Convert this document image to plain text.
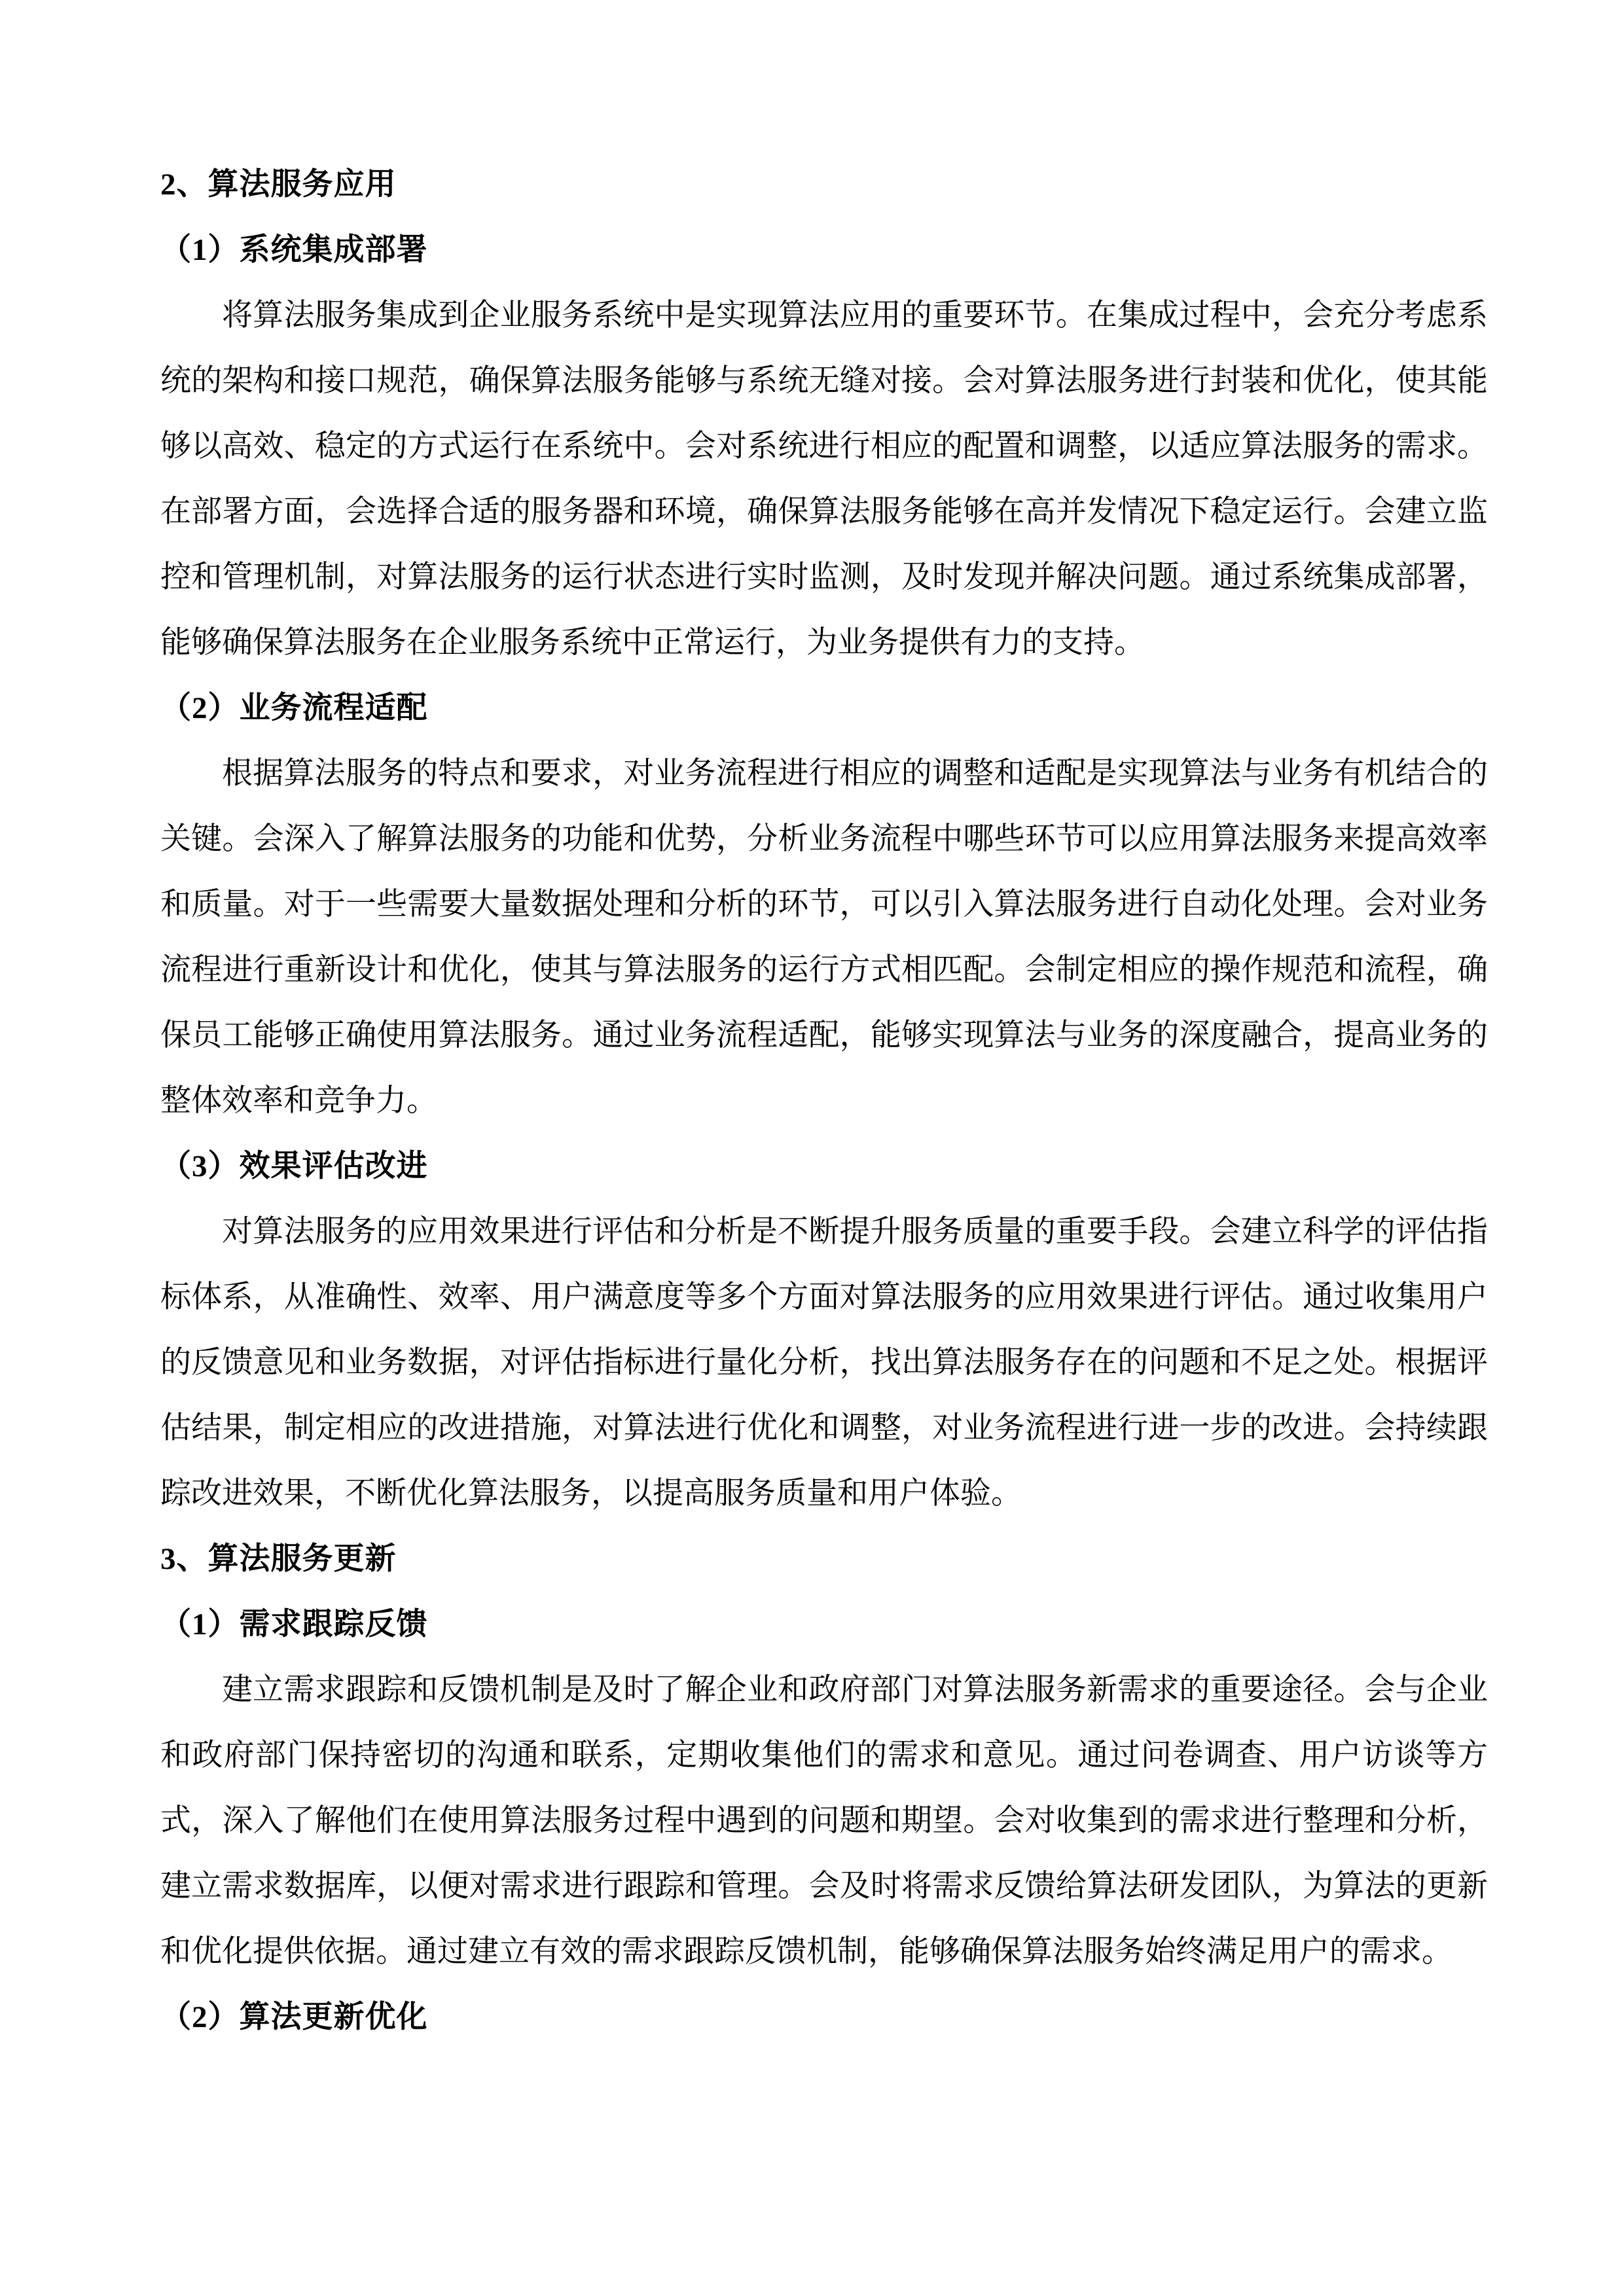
2、算法服务应用
（1）系统集成部署
将算法服务集成到企业服务系统中是实现算法应用的重要环节。在集成过程中，会充分考虑系统的架构和接口规范，确保算法服务能够与系统无缝对接。会对算法服务进行封装和优化，使其能够以高效、稳定的方式运行在系统中。会对系统进行相应的配置和调整，以适应算法服务的需求。在部署方面，会选择合适的服务器和环境，确保算法服务能够在高并发情况下稳定运行。会建立监控和管理机制，对算法服务的运行状态进行实时监测，及时发现并解决问题。通过系统集成部署，能够确保算法服务在企业服务系统中正常运行，为业务提供有力的支持。
（2）业务流程适配
根据算法服务的特点和要求，对业务流程进行相应的调整和适配是实现算法与业务有机结合的关键。会深入了解算法服务的功能和优势，分析业务流程中哪些环节可以应用算法服务来提高效率和质量。对于一些需要大量数据处理和分析的环节，可以引入算法服务进行自动化处理。会对业务流程进行重新设计和优化，使其与算法服务的运行方式相匹配。会制定相应的操作规范和流程，确保员工能够正确使用算法服务。通过业务流程适配，能够实现算法与业务的深度融合，提高业务的整体效率和竞争力。
（3）效果评估改进
对算法服务的应用效果进行评估和分析是不断提升服务质量的重要手段。会建立科学的评估指标体系，从准确性、效率、用户满意度等多个方面对算法服务的应用效果进行评估。通过收集用户的反馈意见和业务数据，对评估指标进行量化分析，找出算法服务存在的问题和不足之处。根据评估结果，制定相应的改进措施，对算法进行优化和调整，对业务流程进行进一步的改进。会持续跟踪改进效果，不断优化算法服务，以提高服务质量和用户体验。
3、算法服务更新
（1）需求跟踪反馈
建立需求跟踪和反馈机制是及时了解企业和政府部门对算法服务新需求的重要途径。会与企业和政府部门保持密切的沟通和联系，定期收集他们的需求和意见。通过问卷调查、用户访谈等方式，深入了解他们在使用算法服务过程中遇到的问题和期望。会对收集到的需求进行整理和分析，建立需求数据库，以便对需求进行跟踪和管理。会及时将需求反馈给算法研发团队，为算法的更新和优化提供依据。通过建立有效的需求跟踪反馈机制，能够确保算法服务始终满足用户的需求。
（2）算法更新优化
